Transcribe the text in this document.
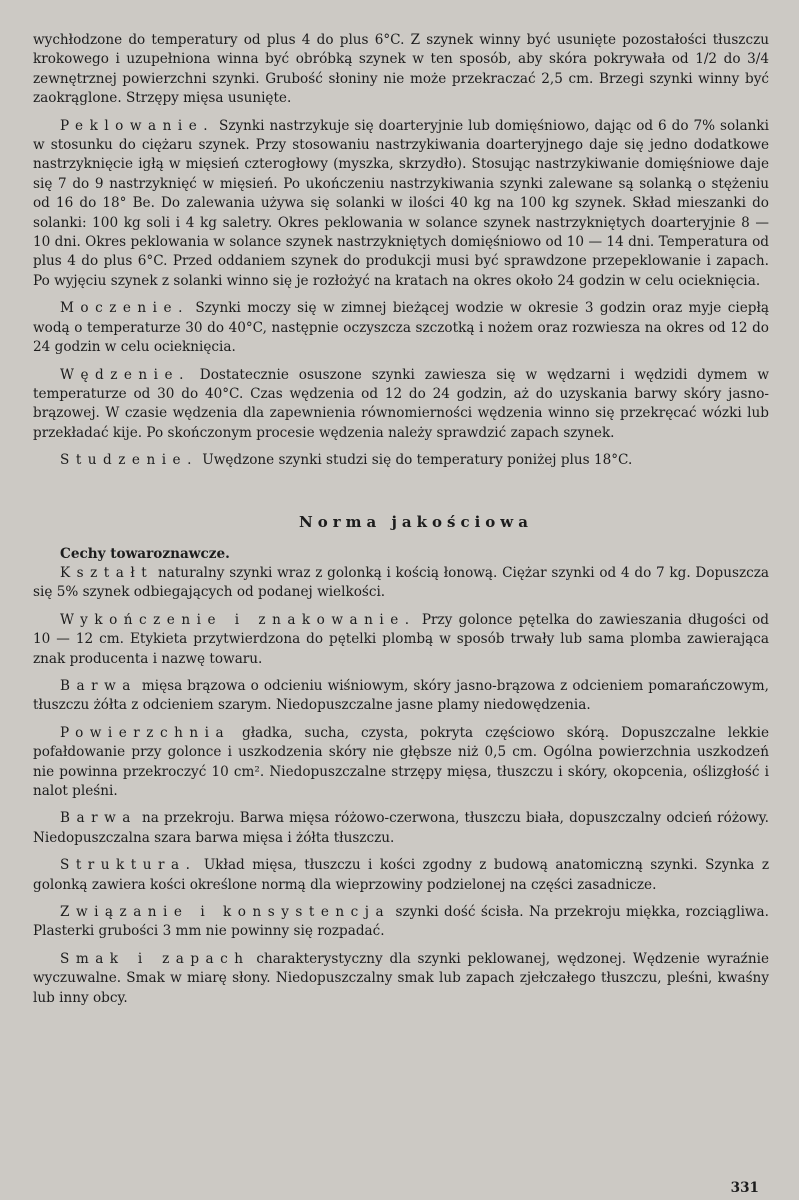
wychłodzone do temperatury od plus 4 do plus 6°C. Z szynek winny być usunięte pozostałości tłuszczu krokowego i uzupełniona winna być obróbką szynek w ten sposób, aby skóra pokrywała od 1/2 do 3/4 zewnętrznej powierzchni szynki. Grubość słoniny nie może przekraczać 2,5 cm. Brzegi szynki winny być zaokrąglone. Strzępy mięsa usunięte.

Peklowanie. Szynki nastrzykuje się doarteryjnie lub domięśniowo, dając od 6 do 7% solanki w stosunku do ciężaru szynek. Przy stosowaniu nastrzykiwania doarteryjnego daje się jedno dodatkowe nastrzyknięcie igłą w mięsień czterogłowy (myszka, skrzydło). Stosując nastrzykiwanie domięśniowe daje się 7 do 9 nastrzyknięć w mięsień. Po ukończeniu nastrzykiwania szynki zalewane są solanką o stężeniu od 16 do 18° Be. Do zalewania używa się solanki w ilości 40 kg na 100 kg szynek. Skład mieszanki do solanki: 100 kg soli i 4 kg saletry. Okres peklowania w solance szynek nastrzykniętych doarteryjnie 8 — 10 dni. Okres peklowania w solance szynek nastrzykniętych domięśniowo od 10 — 14 dni. Temperatura od plus 4 do plus 6°C. Przed oddaniem szynek do produkcji musi być sprawdzone przepeklowanie i zapach. Po wyjęciu szynek z solanki winno się je rozłożyć na kratach na okres około 24 godzin w celu ocieknięcia.

Moczenie. Szynki moczy się w zimnej bieżącej wodzie w okresie 3 godzin oraz myje ciepłą wodą o temperaturze 30 do 40°C, następnie oczyszcza szczotką i nożem oraz rozwiesza na okres od 12 do 24 godzin w celu ocieknięcia.

Wędzenie. Dostatecznie osuszone szynki zawiesza się w wędzarni i wędzidi dymem w temperaturze od 30 do 40°C. Czas wędzenia od 12 do 24 godzin, aż do uzyskania barwy skóry jasno-brązowej. W czasie wędzenia dla zapewnienia równomierności wędzenia winno się przekręcać wózki lub przekładać kije. Po skończonym procesie wędzenia należy sprawdzić zapach szynek.

Studzenie. Uwędzone szynki studzi się do temperatury poniżej plus 18°C.

Norma jakościowa
Cechy towaroznawcze.

Kształt naturalny szynki wraz z golonką i kością łonową. Ciężar szynki od 4 do 7 kg. Dopuszcza się 5% szynek odbiegających od podanej wielkości.

Wykończenie i znakowanie. Przy golonce pętelka do zawieszania długości od 10 — 12 cm. Etykieta przytwierdzona do pętelki plombą w sposób trwały lub sama plomba zawierająca znak producenta i nazwę towaru.

Barwa mięsa brązowa o odcieniu wiśniowym, skóry jasno-brązowa z odcieniem pomarańczowym, tłuszczu żółta z odcieniem szarym. Niedopuszczalne jasne plamy niedowędzenia.

Powierzchnia gładka, sucha, czysta, pokryta częściowo skórą. Dopuszczalne lekkie pofałdowanie przy golonce i uszkodzenia skóry nie głębsze niż 0,5 cm. Ogólna powierzchnia uszkodzeń nie powinna przekroczyć 10 cm². Niedopuszczalne strzępy mięsa, tłuszczu i skóry, okopcenia, oślizgłość i nalot pleśni.

Barwa na przekroju. Barwa mięsa różowo-czerwona, tłuszczu biała, dopuszczalny odcień różowy. Niedopuszczalna szara barwa mięsa i żółta tłuszczu.

Struktura. Układ mięsa, tłuszczu i kości zgodny z budową anatomiczną szynki. Szynka z golonką zawiera kości określone normą dla wieprzowiny podzielonej na części zasadnicze.

Związanie i konsystencja szynki dość ścisła. Na przekroju miękka, rozciągliwa. Plasterki grubości 3 mm nie powinny się rozpadać.

Smak i zapach charakterystyczny dla szynki peklowanej, wędzonej. Wędzenie wyraźnie wyczuwalne. Smak w miarę słony. Niedopuszczalny smak lub zapach zjełczałego tłuszczu, pleśni, kwaśny lub inny obcy.

331
